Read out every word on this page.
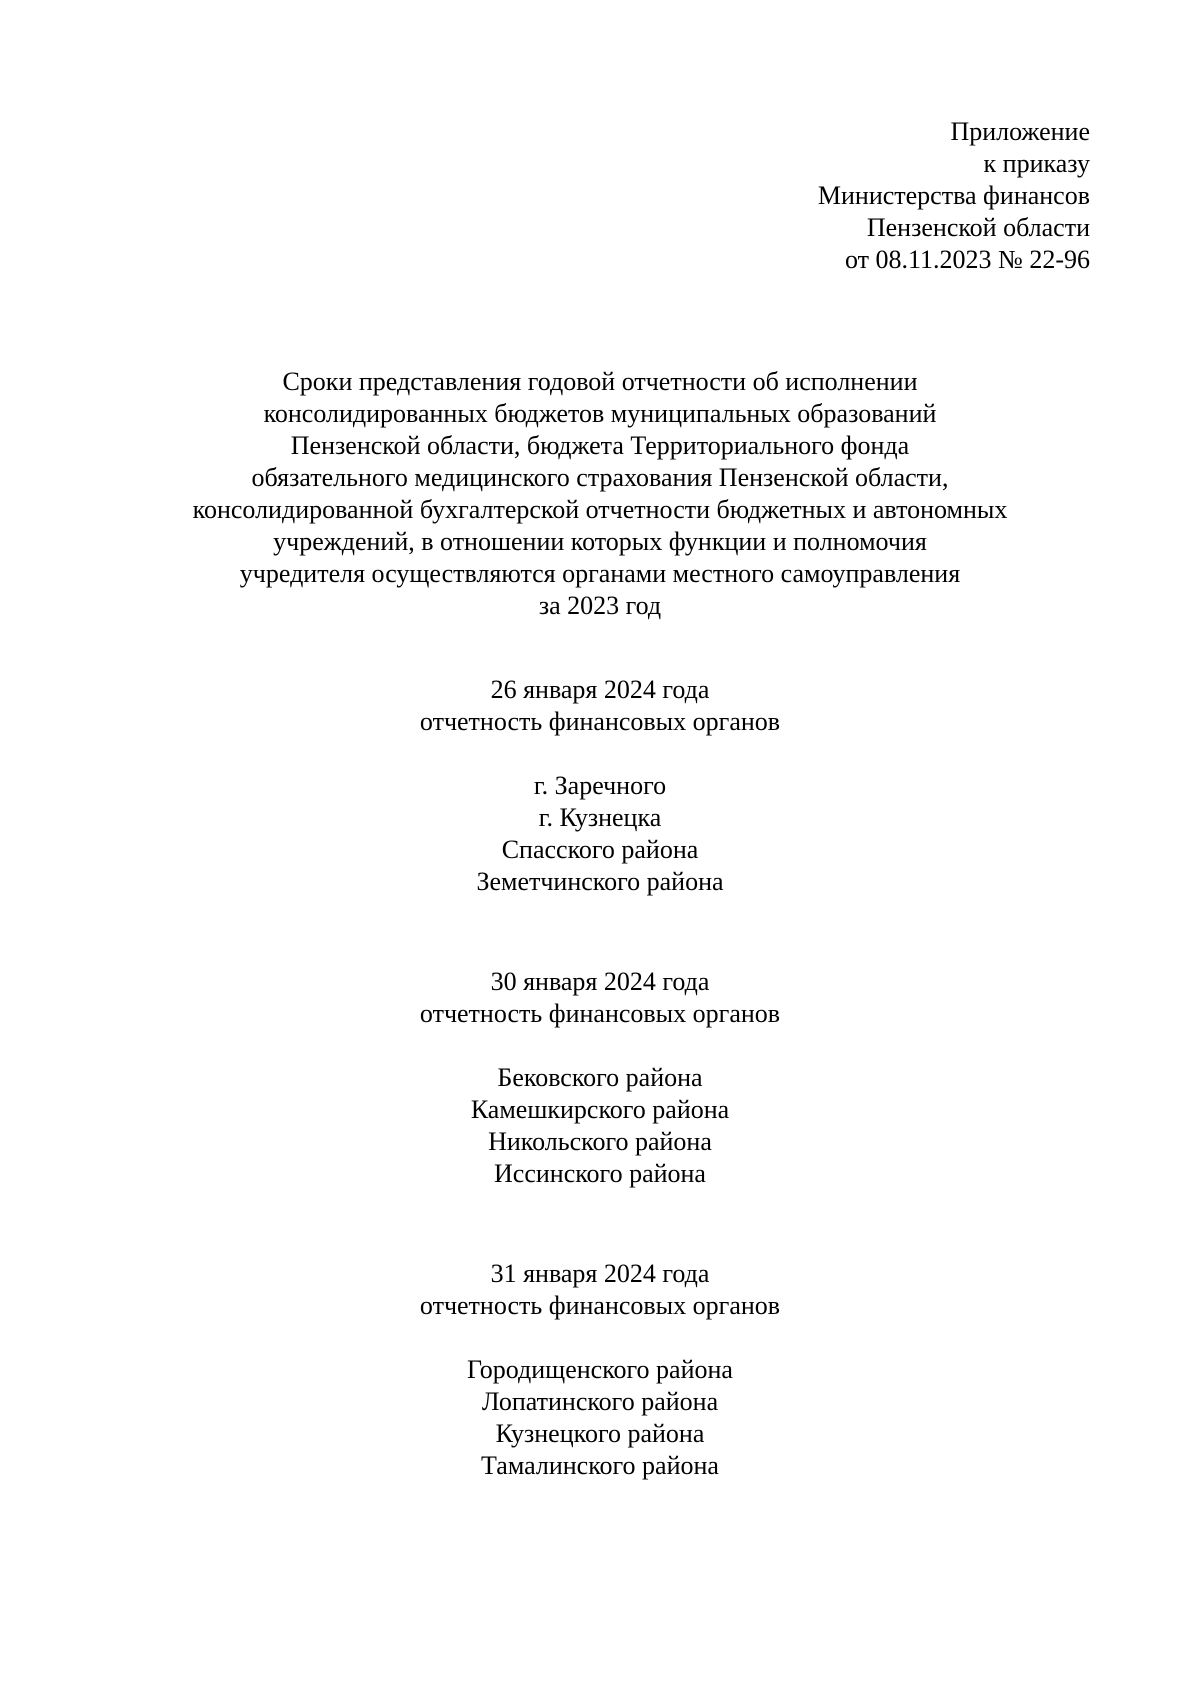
Приложение
к приказу
Министерства финансов
Пензенской области
от 08.11.2023 № 22-96
Сроки представления годовой отчетности об исполнении
консолидированных бюджетов муниципальных образований
Пензенской области, бюджета Территориального фонда
обязательного медицинского страхования Пензенской области,
консолидированной бухгалтерской отчетности бюджетных и автономных
учреждений, в отношении которых функции и полномочия
учредителя осуществляются органами местного самоуправления
за 2023 год
26 января 2024 года
отчетность финансовых органов
г. Заречного
г. Кузнецка
Спасского района
Земетчинского района
30 января 2024 года
отчетность финансовых органов
Бековского района
Камешкирского района
Никольского района
Иссинского района
31 января 2024 года
отчетность финансовых органов
Городищенского района
Лопатинского района
Кузнецкого района
Тамалинского района
